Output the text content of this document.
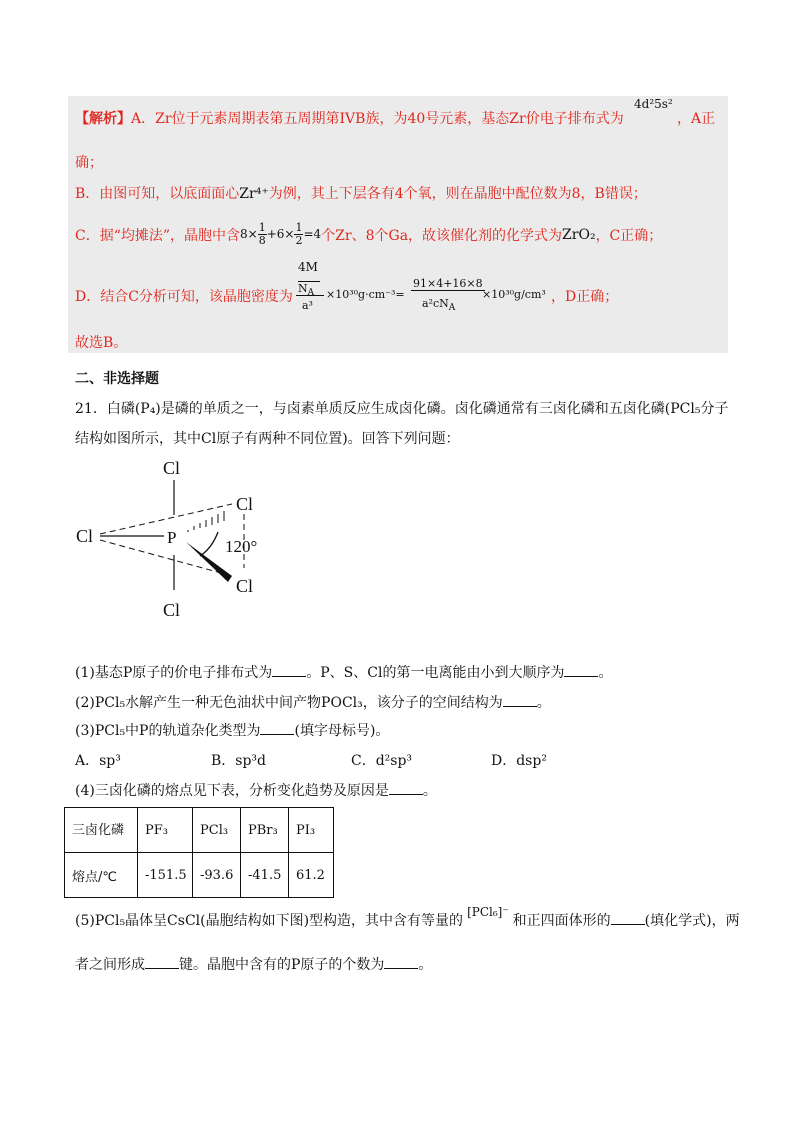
【解析】A．Zr位于元素周期表第五周期第IVB族，为40号元素，基态Zr价电子排布式为
4d²5s²
，A正
确；
B．由图可知，以底面面心Zr⁴⁺为例，其上下层各有4个氧，则在晶胞中配位数为8，B错误；
C．据“均摊法”，晶胞中含 $8\times \frac{1}{8} +6\times \frac{1}{2} =4$ 个Zr、8个Ga，故该催化剂的化学式为 ZrO₂ ，C正确；
4M
D．结合C分析可知，该晶胞密度为
$N_A$
a³
×10³⁰g·cm⁻³=
91×4+16×8
$a^2cN_A$
×10³⁰g/cm³ ，D正确；
故选B。
二、非选择题
21．白磷(P₄)是磷的单质之一，与卤素单质反应生成卤化磷。卤化磷通常有三卤化磷和五卤化磷(PCl₅分子
结构如图所示，其中Cl原子有两种不同位置)。回答下列问题：
Cl
Cl	P
Cl
Cl
Cl
120°
(1)基态P原子的价电子排布式为 。P、S、Cl的第一电离能由小到大顺序为 。
(2)PCl₅水解产生一种无色油状中间产物POCl₃，该分子的空间结构为 。
(3)PCl₅中P的轨道杂化类型为 (填字母标号)。
A．sp³	B．sp³d	C．d²sp³	D．dsp²
(4)三卤化磷的熔点见下表，分析变化趋势及原因是 。
三卤化磷	PF₃	PCl₃	PBr₃	PI₃
熔点/℃	-151.5	-93.6	-41.5	61.2
(5)PCl₅晶体呈CsCl(晶胞结构如下图)型构造，其中含有等量的[PCl₆]⁻和正四面体形的 (填化学式)，两
者之间形成 键。晶胞中含有的P原子的个数为 。
